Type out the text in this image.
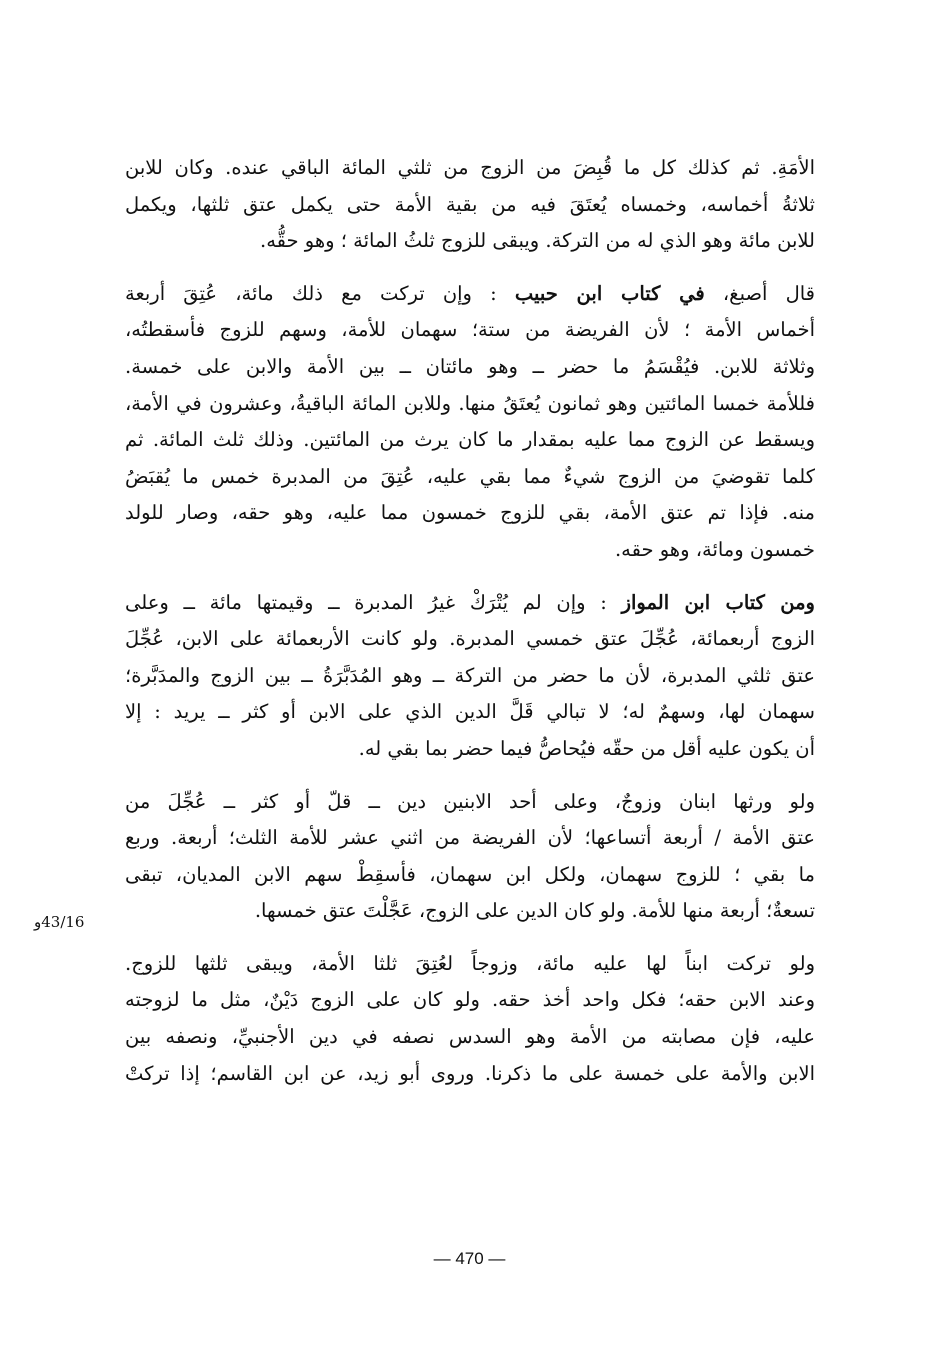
الأمَةِ. ثم كذلك كل ما قُبِضَ من الزوج من ثلثي المائة الباقي عنده. وكان للابن
ثلاثةُ أخماسه، وخمساه يُعتَقَ فيه من بقية الأمة حتى يكمل عتق ثلثها، ويكمل
للابن مائة وهو الذي له من التركة. ويبقى للزوج ثلثُ المائة ؛ وهو حقُّه.
قال أصبغ، في كتاب ابن حبيب : وإن تركت مع ذلك مائة، عُتِقَ أربعة
أخماس الأمة ؛ لأن الفريضة من ستة؛ سهمان للأمة، وسهم للزوج فأسقطتُه،
وثلاثة للابن. فيُقْسَمُ ما حضر ــ وهو مائتان ــ بين الأمة والابن على خمسة.
فللأمة خمسا المائتين وهو ثمانون يُعتَقُ منها. وللابن المائة الباقيةُ، وعشرون في الأمة،
ويسقط عن الزوج مما عليه بمقدار ما كان يرث من المائتين. وذلك ثلث المائة. ثم
كلما تقوضيَ من الزوج شيءٌ مما بقي عليه، عُتِقَ من المدبرة خمس ما يُقبَضُ
منه. فإذا تم عتق الأمة، بقي للزوج خمسون مما عليه، وهو حقه، وصار للولد
خمسون ومائة، وهو حقه.
ومن كتاب ابن المواز : وإن لم يُتْرَكْ غيرُ المدبرة ــ وقيمتها مائة ــ وعلى
الزوج أربعمائة، عُجِّلَ عتق خمسي المدبرة. ولو كانت الأربعمائة على الابن، عُجِّلَ
عتق ثلثي المدبرة، لأن ما حضر من التركة ــ وهو المُدَبَّرَةُ ــ بين الزوج والمدَبَّرة؛
سهمان لها، وسهمٌ له؛ لا تبالي قَلَّ الدين الذي على الابن أو كثر ــ يريد : إلا
أن يكون عليه أقل من حقّه فيُحاصُّ فيما حضر بما بقي له.
ولو ورثها ابنان وزوجٌ، وعلى أحد الابنين دين ــ قلّ أو كثر ــ عُجِّلَ من
عتق الأمة / أربعة أتساعها؛ لأن الفريضة من اثني عشر للأمة الثلث؛ أربعة. وربع
ما بقي ؛ للزوج سهمان، ولكل ابن سهمان، فأسقِطْ سهم الابن المديان، تبقى
تسعةٌ؛ أربعة منها للأمة. ولو كان الدين على الزوج، عَجَّلْتَ عتق خمسها.
ولو تركت ابناً لها عليه مائة، وزوجاً لعُتِقَ ثلثا الأمة، ويبقى ثلثها للزوج.
وعند الابن حقه؛ فكل واحد أخذ حقه. ولو كان على الزوج دَيْنٌ، مثل ما لزوجته
عليه، فإن مصابته من الأمة وهو السدس نصفه في دين الأجنبيِّ، ونصفه بين
الابن والأمة على خمسة على ما ذكرنا. وروى أبو زيد، عن ابن القاسم؛ إذا تركتْ
43/16و
— 470 —
